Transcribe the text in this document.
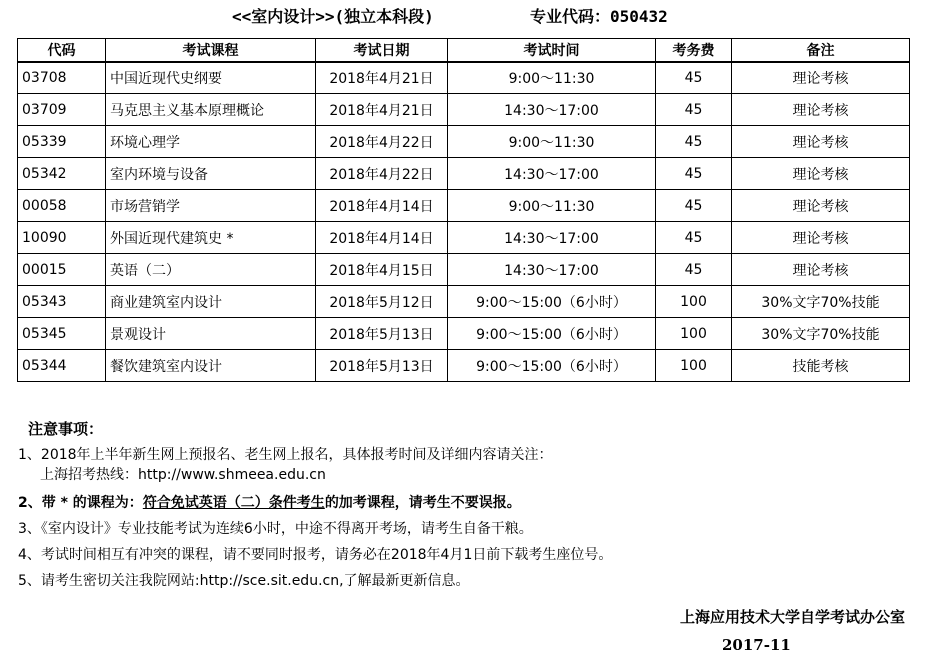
<<室内设计>>(独立本科段)	专业代码：050432
代码	考试课程	考试日期	考试时间	考务费	备注
03708	中国近现代史纲要	2018年4月21日	9:00～11:30	45	理论考核
03709	马克思主义基本原理概论	2018年4月21日	14:30～17:00	45	理论考核
05339	环境心理学	2018年4月22日	9:00～11:30	45	理论考核
05342	室内环境与设备	2018年4月22日	14:30～17:00	45	理论考核
00058	市场营销学	2018年4月14日	9:00～11:30	45	理论考核
10090	外国近现代建筑史 *	2018年4月14日	14:30～17:00	45	理论考核
00015	英语（二）	2018年4月15日	14:30～17:00	45	理论考核
05343	商业建筑室内设计	2018年5月12日	9:00～15:00（6小时）	100	30%文字70%技能
05345	景观设计	2018年5月13日	9:00～15:00（6小时）	100	30%文字70%技能
05344	餐饮建筑室内设计	2018年5月13日	9:00～15:00（6小时）	100	技能考核
注意事项：
1、2018年上半年新生网上预报名、老生网上报名，具体报考时间及详细内容请关注：
上海招考热线：http://www.shmeea.edu.cn
2、带 * 的课程为：符合免试英语（二）条件考生的加考课程，请考生不要误报。
3、《室内设计》专业技能考试为连续6小时，中途不得离开考场，请考生自备干粮。
4、考试时间相互有冲突的课程，请不要同时报考，请务必在2018年4月1日前下载考生座位号。
5、请考生密切关注我院网站:http://sce.sit.edu.cn,了解最新更新信息。
上海应用技术大学自学考试办公室
2017-11
